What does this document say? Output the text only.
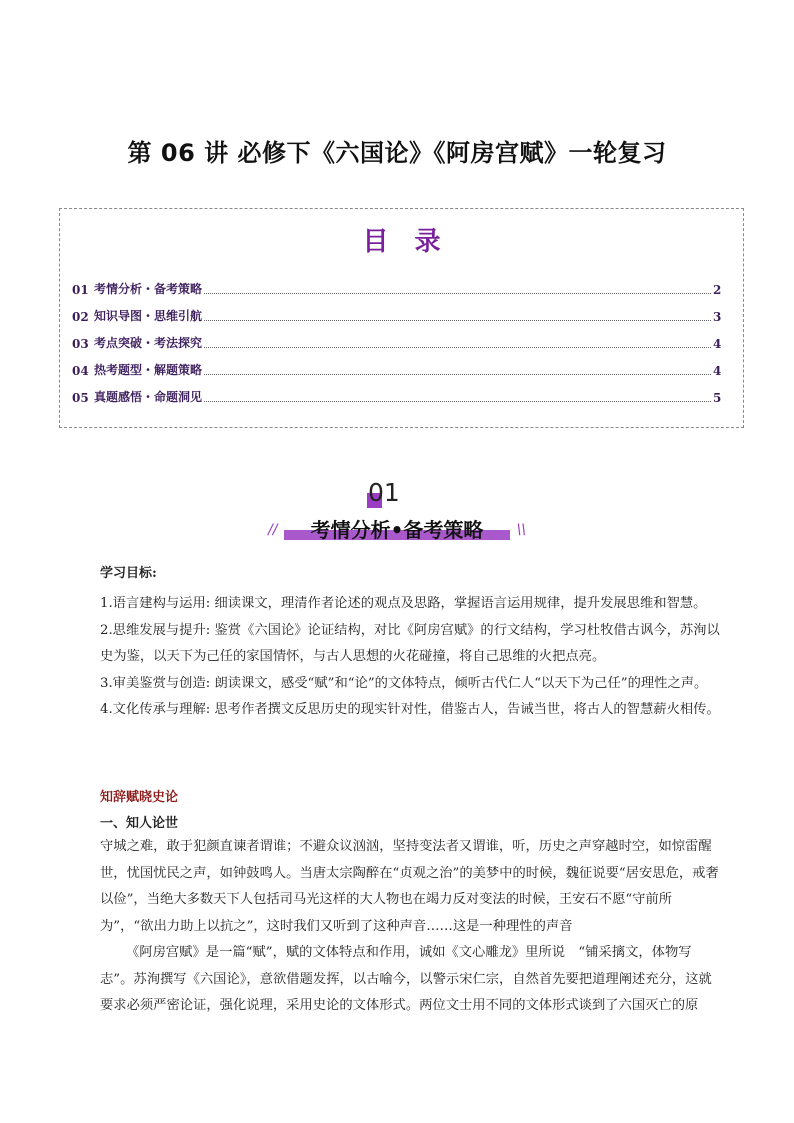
第 06 讲 必修下《六国论》《阿房宫赋》一轮复习
目录
01 考情分析・备考策略	2
02 知识导图・思维引航	3
03 考点突破・考法探究	4
04 热考题型・解题策略	4
05 真题感悟・命题洞见	5
01
//	考情分析•备考策略	\\
学习目标:

1.语言建构与运用: 细读课文，理清作者论述的观点及思路，掌握语言运用规律，提升发展思维和智慧。

2.思维发展与提升: 鉴赏《六国论》论证结构，对比《阿房宫赋》的行文结构，学习杜牧借古讽今，苏洵以史为鉴，以天下为己任的家国情怀，与古人思想的火花碰撞，将自己思维的火把点亮。

3.审美鉴赏与创造: 朗读课文，感受“赋”和“论”的文体特点，倾听古代仁人“以天下为己任”的理性之声。

4.文化传承与理解: 思考作者撰文反思历史的现实针对性，借鉴古人，告诫当世，将古人的智慧薪火相传。

知辞赋晓史论
一、知人论世

守城之难，敢于犯颜直谏者谓谁；不避众议汹汹，坚持变法者又谓谁，听，历史之声穿越时空，如惊雷醒世，忧国忧民之声，如钟鼓鸣人。当唐太宗陶醉在“贞观之治”的美梦中的时候，魏征说要“居安思危，戒奢以俭”，当绝大多数天下人包括司马光这样的大人物也在竭力反对变法的时候，王安石不愿“守前所为”，“欲出力助上以抗之”，这时我们又听到了这种声音……这是一种理性的声音

《阿房宫赋》是一篇“赋”，赋的文体特点和作用，诚如《文心雕龙》里所说　“铺采摛文，体物写志”。苏洵撰写《六国论》，意欲借题发挥，以古喻今，以警示宋仁宗，自然首先要把道理阐述充分，这就要求必须严密论证，强化说理，采用史论的文体形式。两位文士用不同的文体形式谈到了六国灭亡的原
